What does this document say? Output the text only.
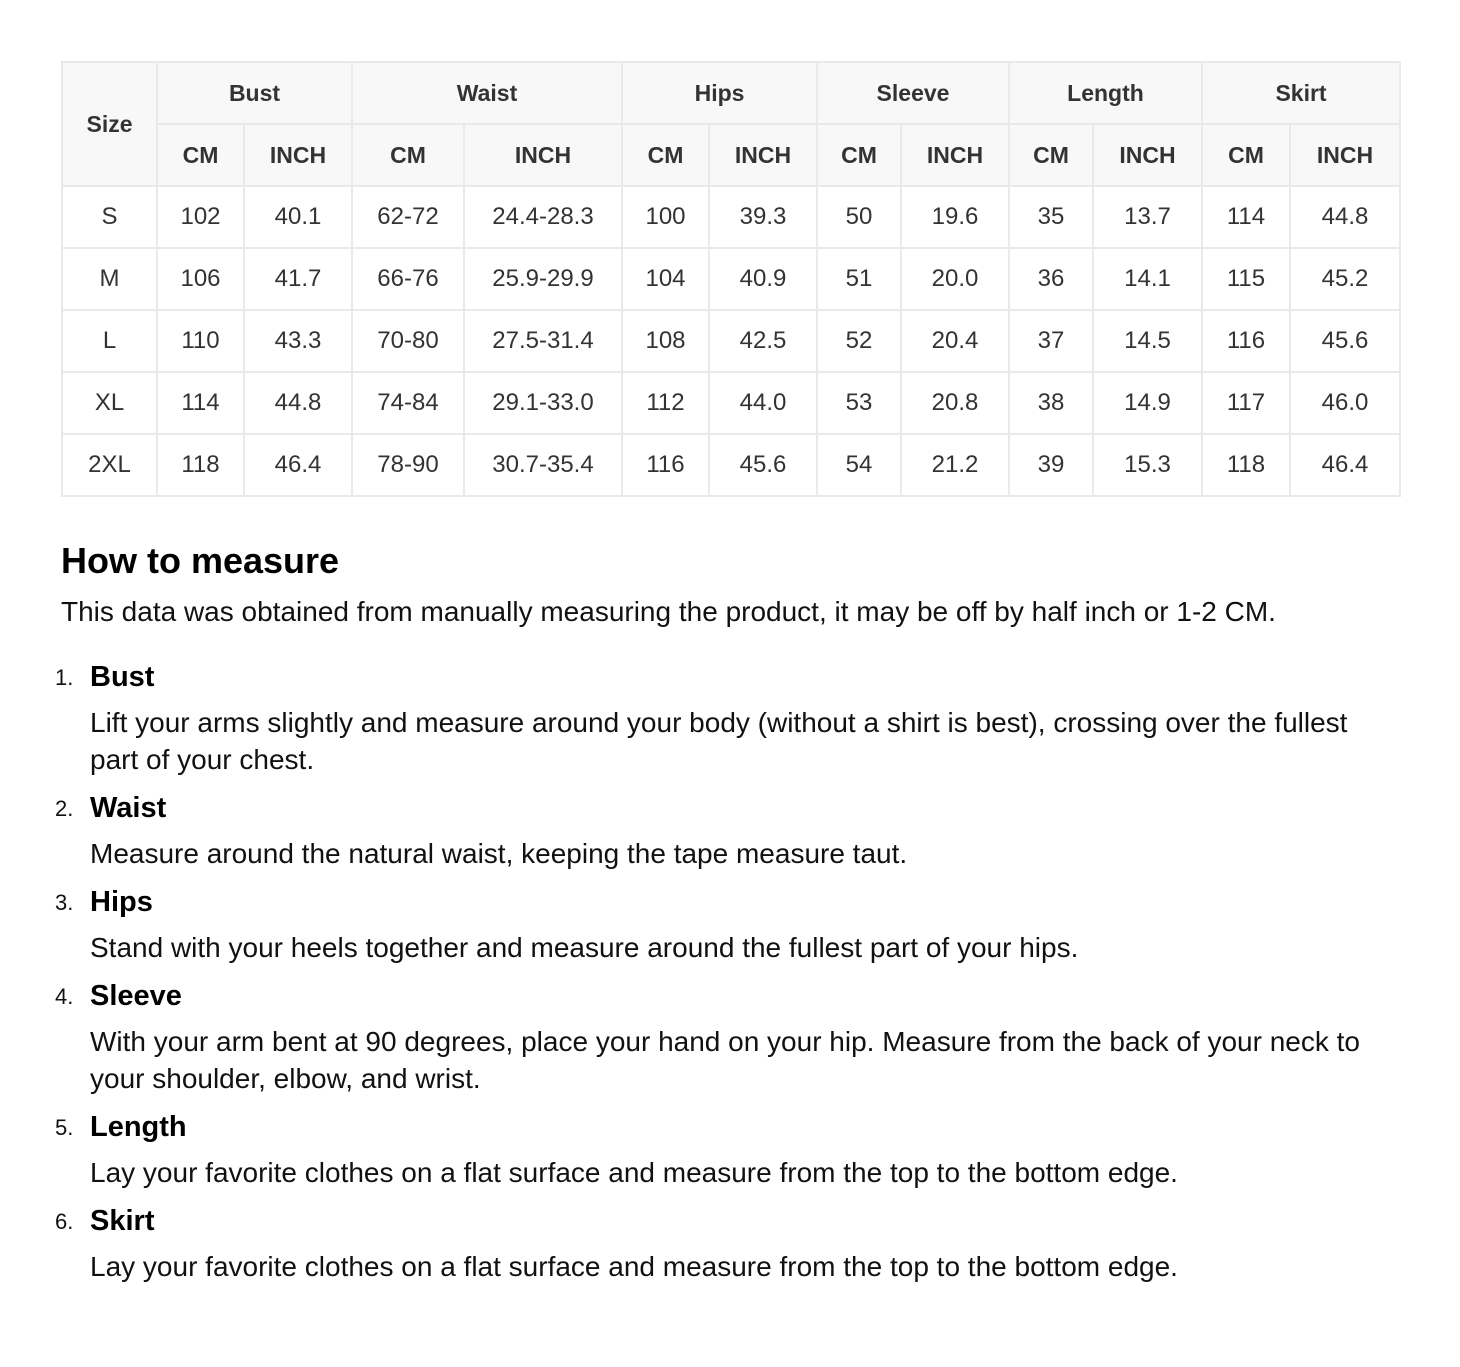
Size	Bust		Waist		Hips		Sleeve		Length		Skirt	
	CM	INCH	CM	INCH	CM	INCH	CM	INCH	CM	INCH	CM	INCH
S	102	40.1	62-72	24.4-28.3	100	39.3	50	19.6	35	13.7	114	44.8
M	106	41.7	66-76	25.9-29.9	104	40.9	51	20.0	36	14.1	115	45.2
L	110	43.3	70-80	27.5-31.4	108	42.5	52	20.4	37	14.5	116	45.6
XL	114	44.8	74-84	29.1-33.0	112	44.0	53	20.8	38	14.9	117	46.0
2XL	118	46.4	78-90	30.7-35.4	116	45.6	54	21.2	39	15.3	118	46.4
How to measure

This data was obtained from manually measuring the product, it may be off by half inch or 1-2 CM.

1. Bust
Lift your arms slightly and measure around your body (without a shirt is best), crossing over the fullest part of your chest.
2. Waist
Measure around the natural waist, keeping the tape measure taut.
3. Hips
Stand with your heels together and measure around the fullest part of your hips.
4. Sleeve
With your arm bent at 90 degrees, place your hand on your hip. Measure from the back of your neck to your shoulder, elbow, and wrist.
5. Length
Lay your favorite clothes on a flat surface and measure from the top to the bottom edge.
6. Skirt
Lay your favorite clothes on a flat surface and measure from the top to the bottom edge.
